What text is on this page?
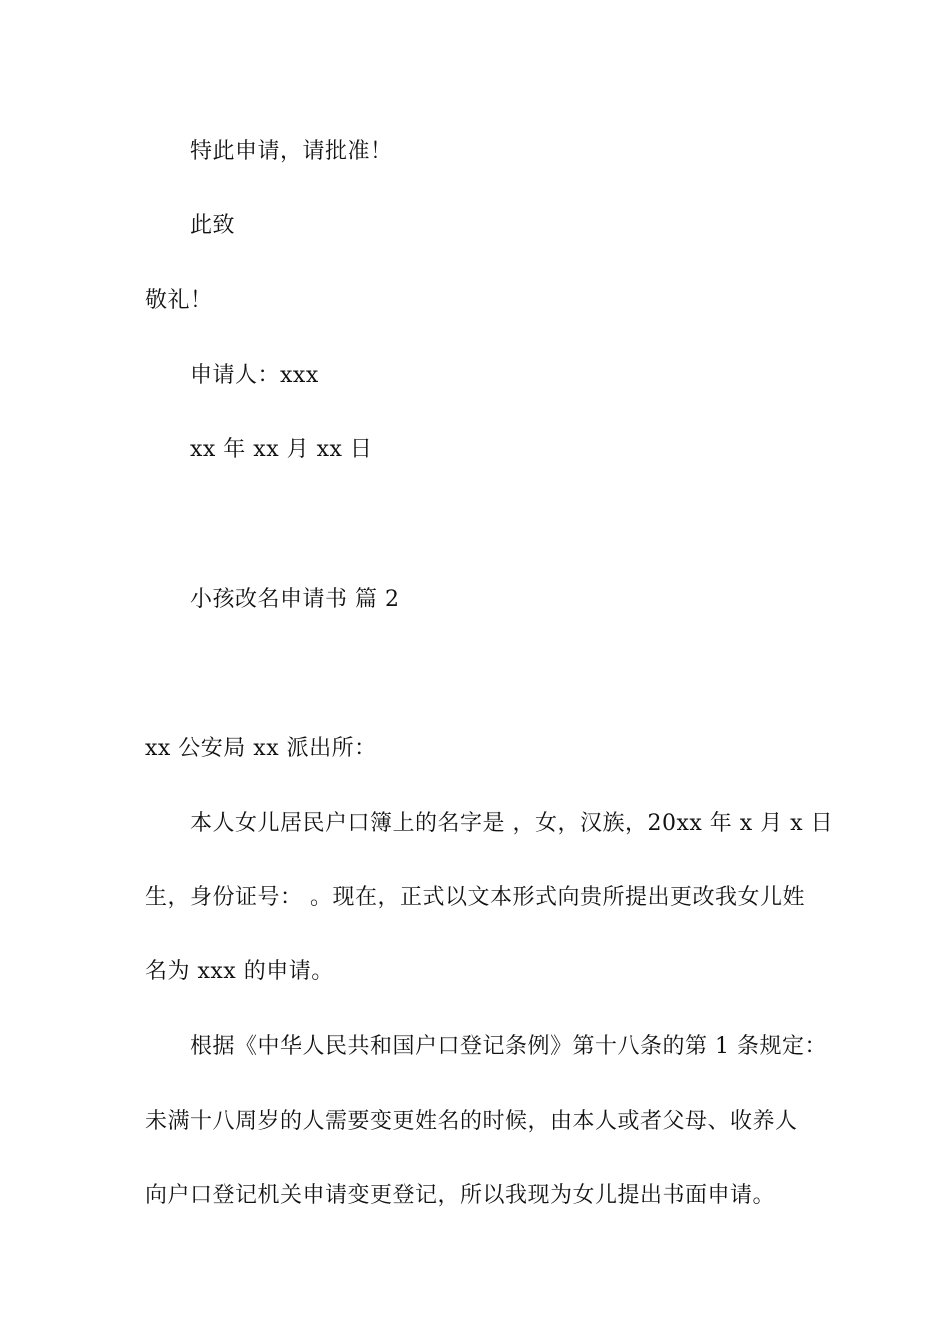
特此申请，请批准！
此致
敬礼！
申请人：xxx
xx 年 xx 月 xx 日
小孩改名申请书 篇 2
xx 公安局 xx 派出所：
本人女儿居民户口簿上的名字是 ，女，汉族，20xx 年 x 月 x 日
生，身份证号： 。现在，正式以文本形式向贵所提出更改我女儿姓
名为 xxx 的申请。
根据《中华人民共和国户口登记条例》第十八条的第 1 条规定：
未满十八周岁的人需要变更姓名的时候，由本人或者父母、收养人
向户口登记机关申请变更登记，所以我现为女儿提出书面申请。
